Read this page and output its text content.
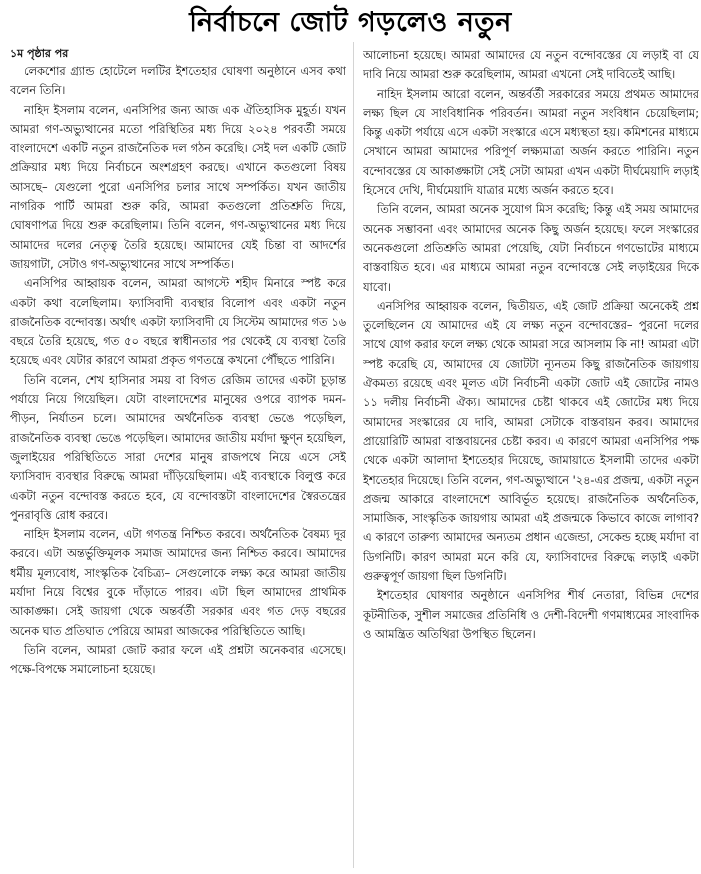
নির্বাচনে জোট গড়লেও নতুন
১ম পৃষ্ঠার পর

লেকশোর গ্র্যান্ড হোটেলে দলটির ইশতেহার ঘোষণা অনুষ্ঠানে এসব কথা বলেন তিনি।

নাহিদ ইসলাম বলেন, এনসিপির জন্য আজ এক ঐতিহাসিক মুহূর্ত। যখন আমরা গণ-অভ্যুত্থানের মতো পরিস্থিতির মধ্য দিয়ে ২০২৪ পরবর্তী সময়ে বাংলাদেশে একটি নতুন রাজনৈতিক দল গঠন করেছি। সেই দল একটি জোট প্রক্রিয়ার মধ্য দিয়ে নির্বাচনে অংশগ্রহণ করছে। এখানে কতগুলো বিষয় আসছে– যেগুলো পুরো এনসিপির চলার সাথে সম্পর্কিত। যখন জাতীয় নাগরিক পার্টি আমরা শুরু করি, আমরা কতগুলো প্রতিশ্রুতি দিয়ে, ঘোষণাপত্র দিয়ে শুরু করেছিলাম। তিনি বলেন, গণ-অভ্যুত্থানের মধ্য দিয়ে আমাদের দলের নেতৃত্ব তৈরি হয়েছে। আমাদের যেই চিন্তা বা আদর্শের জায়গাটা, সেটাও গণ-অভ্যুত্থানের সাথে সম্পর্কিত।

এনসিপির আহ্বায়ক বলেন, আমরা আগস্টে শহীদ মিনারে স্পষ্ট করে একটা কথা বলেছিলাম। ফ্যাসিবাদী ব্যবস্থার বিলোপ এবং একটা নতুন রাজনৈতিক বন্দোবস্ত। অর্থাৎ একটা ফ্যাসিবাদী যে সিস্টেম আমাদের গত ১৬ বছরে তৈরি হয়েছে, গত ৫০ বছরে স্বাধীনতার পর থেকেই যে ব্যবস্থা তৈরি হয়েছে এবং যেটার কারণে আমরা প্রকৃত গণতন্ত্রে কখনো পৌঁছতে পারিনি।

তিনি বলেন, শেখ হাসিনার সময় বা বিগত রেজিম তাদের একটা চূড়ান্ত পর্যায়ে নিয়ে গিয়েছিল। যেটা বাংলাদেশের মানুষের ওপরে ব্যাপক দমন-পীড়ন, নির্যাতন চলে। আমাদের অর্থনৈতিক ব্যবস্থা ভেঙে পড়েছিল, রাজনৈতিক ব্যবস্থা ভেঙে পড়েছিল। আমাদের জাতীয় মর্যাদা ক্ষুণ্ন হয়েছিল, জুলাইয়ের পরিস্থিতিতে সারা দেশের মানুষ রাজপথে নিয়ে এসে সেই ফ্যাসিবাদ ব্যবস্থার বিরুদ্ধে আমরা দাঁড়িয়েছিলাম। এই ব্যবস্থাকে বিলুপ্ত করে একটা নতুন বন্দোবস্ত করতে হবে, যে বন্দোবস্তটা বাংলাদেশের স্বৈরতন্ত্রের পুনরাবৃত্তি রোধ করবে।

নাহিদ ইসলাম বলেন, এটা গণতন্ত্র নিশ্চিত করবে। অর্থনৈতিক বৈষম্য দূর করবে। এটা অন্তর্ভুক্তিমূলক সমাজ আমাদের জন্য নিশ্চিত করবে। আমাদের ধর্মীয় মূল্যবোধ, সাংস্কৃতিক বৈচিত্র্য– সেগুলোকে লক্ষ্য করে আমরা জাতীয় মর্যাদা নিয়ে বিশ্বের বুকে দাঁড়াতে পারব। এটা ছিল আমাদের প্রাথমিক আকাঙ্ক্ষা। সেই জায়গা থেকে অন্তর্বর্তী সরকার এবং গত দেড় বছরের অনেক ঘাত প্রতিঘাত পেরিয়ে আমরা আজকের পরিস্থিতিতে আছি।

তিনি বলেন, আমরা জোট করার ফলে এই প্রশ্নটা অনেকবার এসেছে। পক্ষে-বিপক্ষে সমালোচনা হয়েছে।

আলোচনা হয়েছে। আমরা আমাদের যে নতুন বন্দোবস্তের যে লড়াই বা যে দাবি নিয়ে আমরা শুরু করেছিলাম, আমরা এখনো সেই দাবিতেই আছি।

নাহিদ ইসলাম আরো বলেন, অন্তর্বর্তী সরকারের সময়ে প্রথমত আমাদের লক্ষ্য ছিল যে সাংবিধানিক পরিবর্তন। আমরা নতুন সংবিধান চেয়েছিলাম; কিন্তু একটা পর্যায়ে এসে একটা সংস্কারে এসে মধ্যস্থতা হয়। কমিশনের মাধ্যমে সেখানে আমরা আমাদের পরিপূর্ণ লক্ষ্যমাত্রা অর্জন করতে পারিনি। নতুন বন্দোবস্তের যে আকাঙ্ক্ষাটা সেই সেটা আমরা এখন একটা দীর্ঘমেয়াদি লড়াই হিসেবে দেখি, দীর্ঘমেয়াদি যাত্রার মধ্যে অর্জন করতে হবে।

তিনি বলেন, আমরা অনেক সুযোগ মিস করেছি; কিন্তু এই সময় আমাদের অনেক সম্ভাবনা এবং আমাদের অনেক কিছু অর্জন হয়েছে। ফলে সংস্কারের অনেকগুলো প্রতিশ্রুতি আমরা পেয়েছি, যেটা নির্বাচনে গণভোটের মাধ্যমে বাস্তবায়িত হবে। এর মাধ্যমে আমরা নতুন বন্দোবস্তে সেই লড়াইয়ের দিকে যাবো।

এনসিপির আহ্বায়ক বলেন, দ্বিতীয়ত, এই জোট প্রক্রিয়া অনেকেই প্রশ্ন তুলেছিলেন যে আমাদের এই যে লক্ষ্য নতুন বন্দোবস্তের– পুরনো দলের সাথে যোগ করার ফলে লক্ষ্য থেকে আমরা সরে আসলাম কি না! আমরা এটা স্পষ্ট করেছি যে, আমাদের যে জোটটা ন্যূনতম কিছু রাজনৈতিক জায়গায় ঐকমত্য রয়েছে এবং মূলত এটা নির্বাচনী একটা জোট এই জোটের নামও ১১ দলীয় নির্বাচনী ঐক্য। আমাদের চেষ্টা থাকবে এই জোটের মধ্য দিয়ে আমাদের সংস্কারের যে দাবি, আমরা সেটাকে বাস্তবায়ন করব। আমাদের প্রায়োরিটি আমরা বাস্তবায়নের চেষ্টা করব। এ কারণে আমরা এনসিপির পক্ষ থেকে একটা আলাদা ইশতেহার দিয়েছে, জামায়াতে ইসলামী তাদের একটা ইশতেহার দিয়েছে। তিনি বলেন, গণ-অভ্যুত্থানে '২৪-এর প্রজন্ম, একটা নতুন প্রজন্ম আকারে বাংলাদেশে আবির্ভূত হয়েছে। রাজনৈতিক অর্থনৈতিক, সামাজিক, সাংস্কৃতিক জায়গায় আমরা এই প্রজন্মকে কিভাবে কাজে লাগাব? এ কারণে তারুণ্য আমাদের অন্যতম প্রধান এজেন্ডা, সেকেন্ড হচ্ছে মর্যাদা বা ডিগনিটি। কারণ আমরা মনে করি যে, ফ্যাসিবাদের বিরুদ্ধে লড়াই একটা গুরুত্বপূর্ণ জায়গা ছিল ডিগনিটি।

ইশতেহার ঘোষণার অনুষ্ঠানে এনসিপির শীর্ষ নেতারা, বিভিন্ন দেশের কূটনীতিক, সুশীল সমাজের প্রতিনিধি ও দেশী-বিদেশী গণমাধ্যমের সাংবাদিক ও আমন্ত্রিত অতিথিরা উপস্থিত ছিলেন।
